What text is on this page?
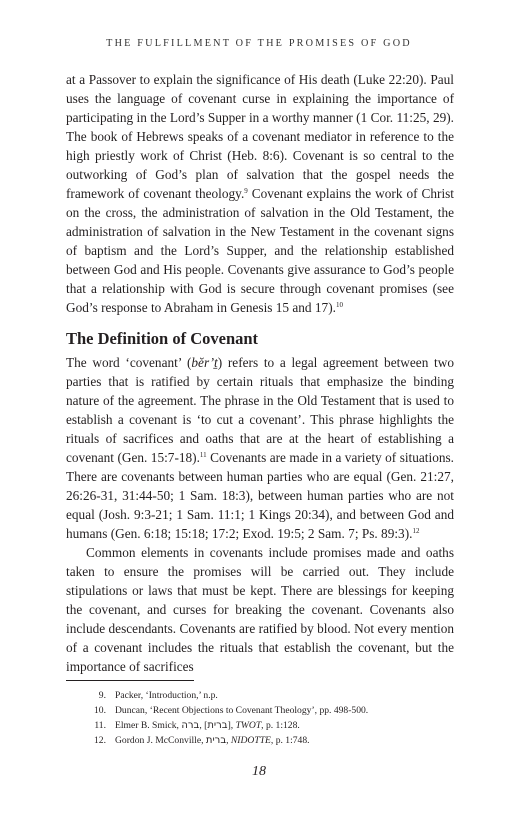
THE FULFILLMENT OF THE PROMISES OF GOD

at a Passover to explain the significance of His death (Luke 22:20). Paul uses the language of covenant curse in explaining the importance of participating in the Lord’s Supper in a worthy manner (1 Cor. 11:25, 29). The book of Hebrews speaks of a covenant mediator in reference to the high priestly work of Christ (Heb. 8:6). Covenant is so central to the outworking of God’s plan of salvation that the gospel needs the framework of covenant theology.$^9$ Covenant explains the work of Christ on the cross, the administration of salvation in the Old Testament, the administration of salvation in the New Testament in the covenant signs of baptism and the Lord’s Supper, and the relationship established between God and His people. Covenants give assurance to God’s people that a relationship with God is secure through covenant promises (see God’s response to Abraham in Genesis 15 and 17).$^{10}$

The Definition of Covenant

The word ‘covenant’ (bĕr’ṯ) refers to a legal agreement between two parties that is ratified by certain rituals that emphasize the binding nature of the agreement. The phrase in the Old Testament that is used to establish a covenant is ‘to cut a covenant’. This phrase highlights the rituals of sacrifices and oaths that are at the heart of establishing a covenant (Gen. 15:7-18).$^{11}$ Covenants are made in a variety of situations. There are covenants between human parties who are equal (Gen. 21:27, 26:26-31, 31:44-50; 1 Sam. 18:3), between human parties who are not equal (Josh. 9:3-21; 1 Sam. 11:1; 1 Kings 20:34), and between God and humans (Gen. 6:18; 15:18; 17:2; Exod. 19:5; 2 Sam. 7; Ps. 89:3).$^{12}$

Common elements in covenants include promises made and oaths taken to ensure the promises will be carried out. They include stipulations or laws that must be kept. There are blessings for keeping the covenant, and curses for breaking the covenant. Covenants also include descendants. Covenants are ratified by blood. Not every mention of a covenant includes the rituals that establish the covenant, but the importance of sacrifices

9. Packer, ‘Introduction,’ n.p.
10. Duncan, ‘Recent Objections to Covenant Theology’, pp. 498-500.
11. Elmer B. Smick, ברה, [ברית], TWOT, p. 1:128.
12. Gordon J. McConville, ברית, NIDOTTE, p. 1:748.
18
